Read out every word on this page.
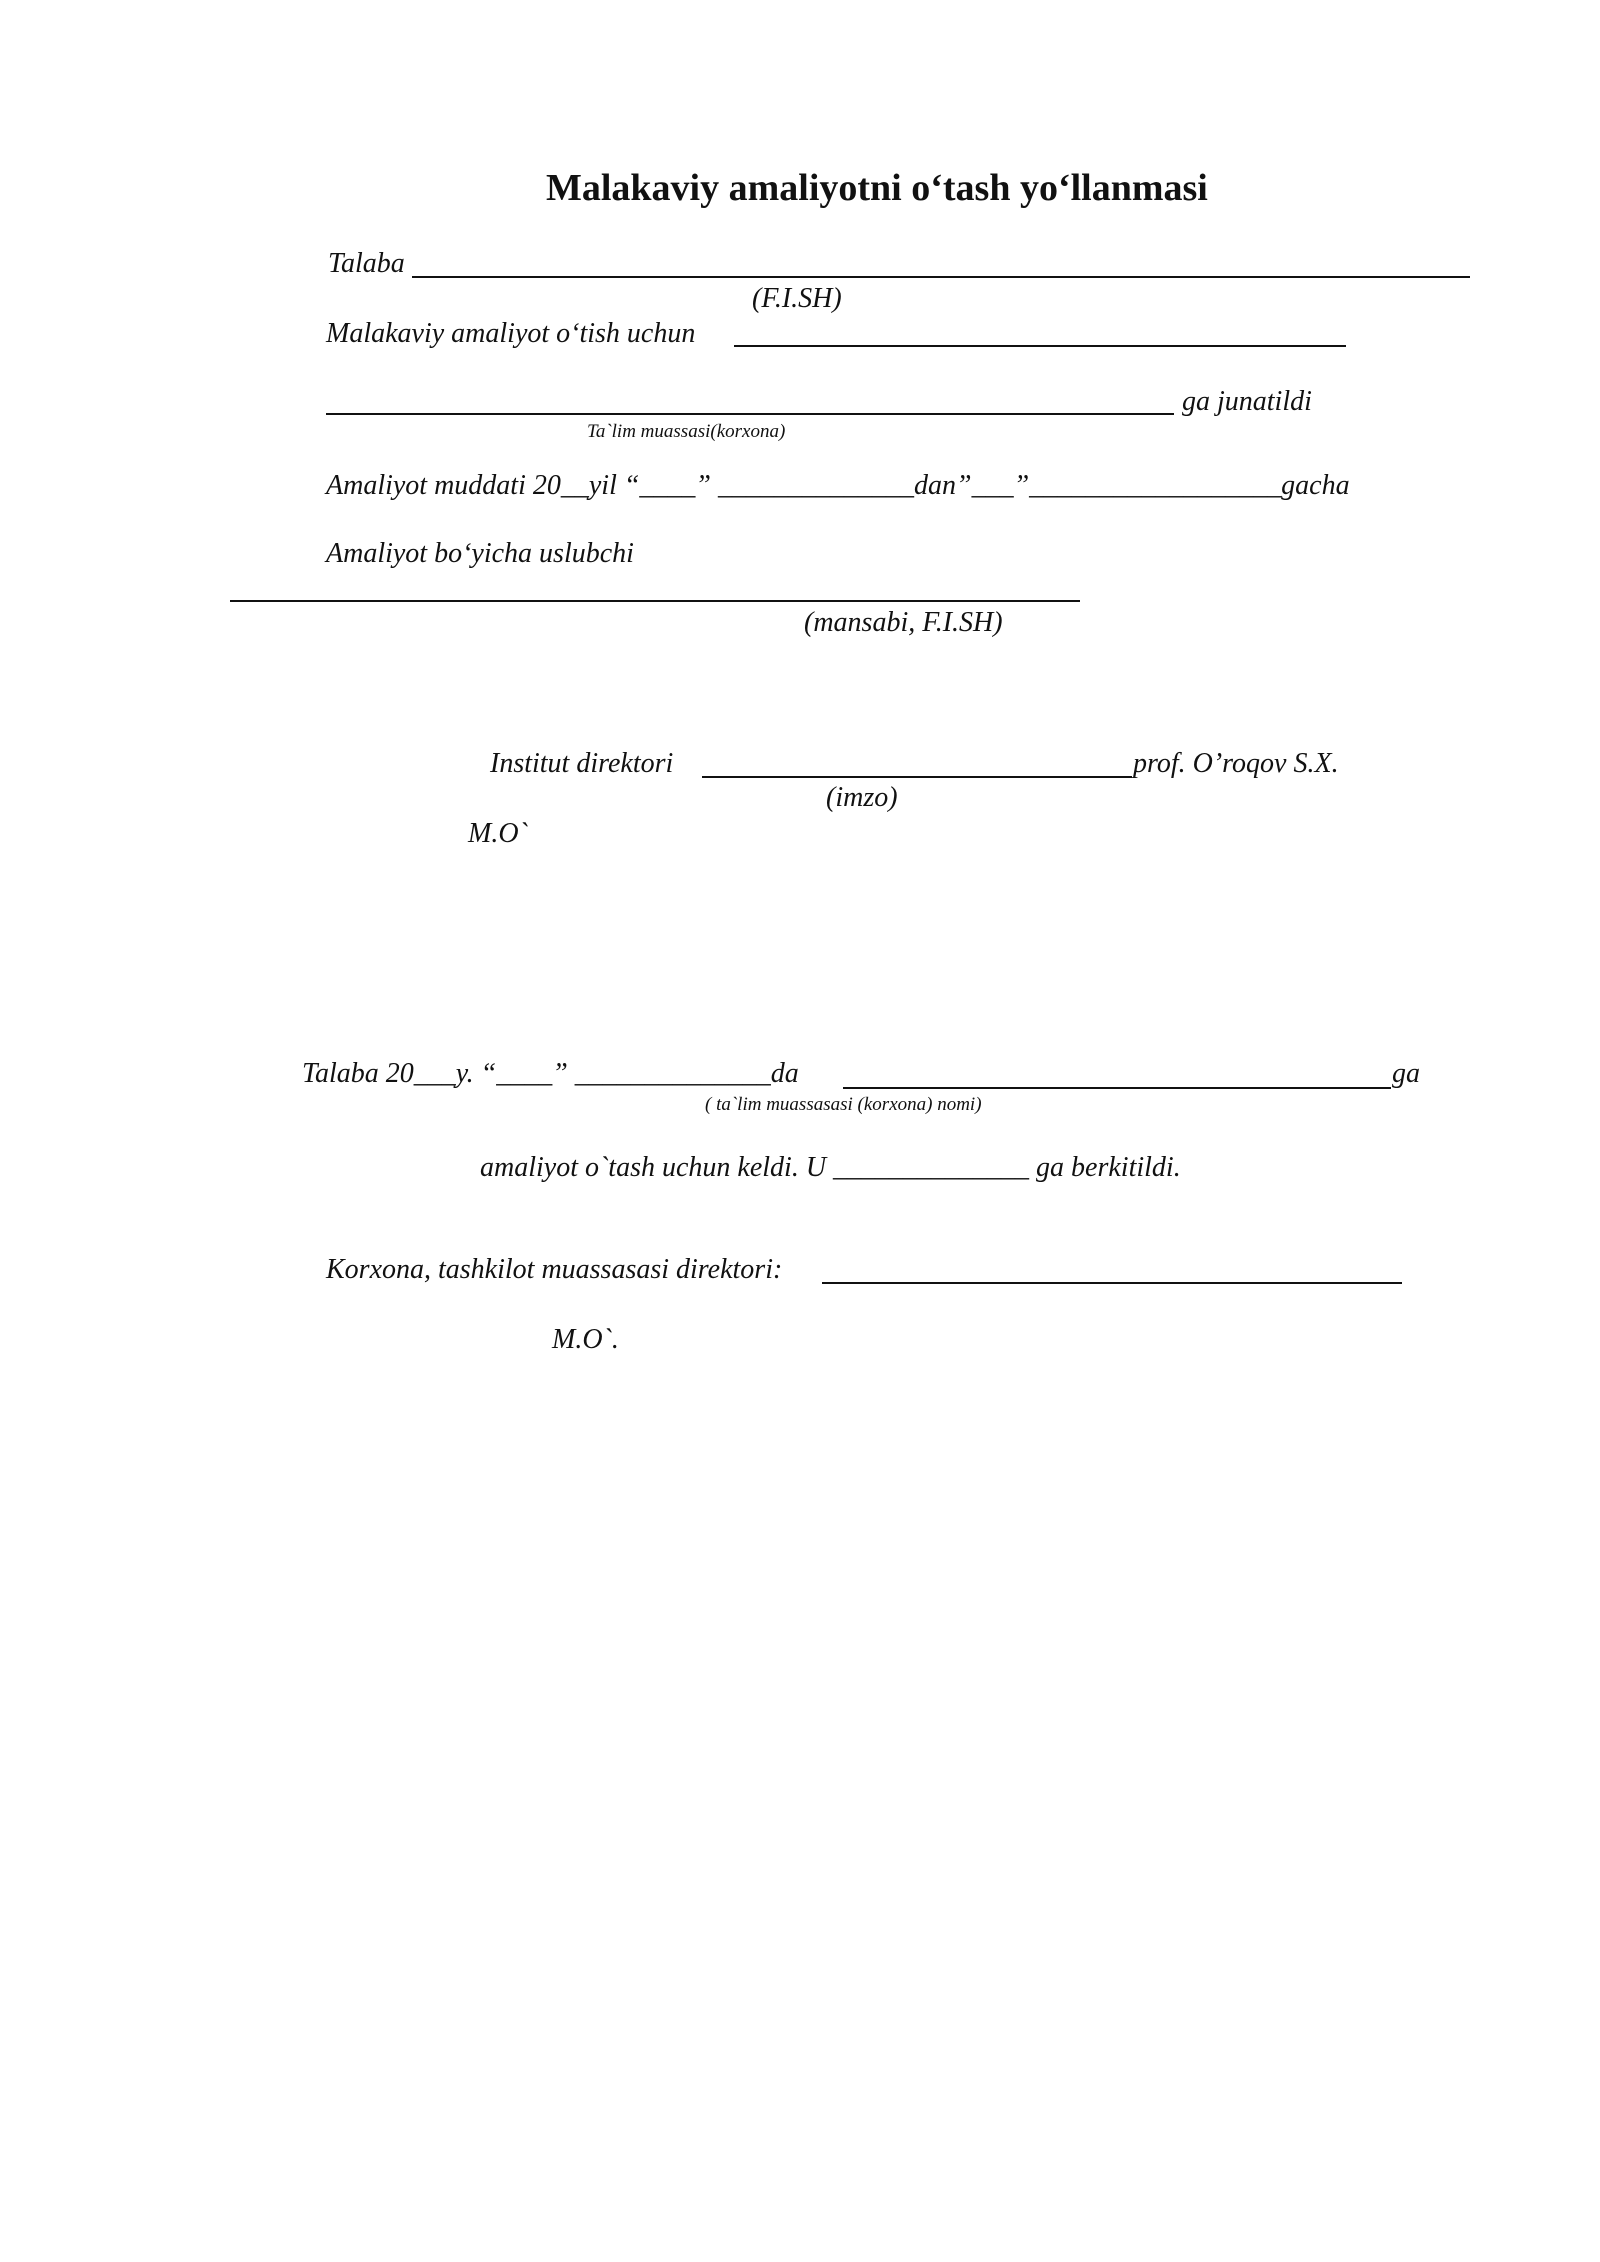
Malakaviy amaliyotni o‘tash yo‘llanmasi
Talaba
(F.I.SH)
Malakaviy amaliyot o‘tish uchun
ga junatildi
Ta`lim muassasi(korxona)
Amaliyot muddati 20__yil “____” ______________dan”___”__________________gacha
Amaliyot bo‘yicha uslubchi
(mansabi, F.I.SH)
Institut direktori	prof. O’roqov S.X.
(imzo)
M.O`
Talaba 20___y. “____” ______________da	ga
( ta`lim muassasasi (korxona) nomi)
amaliyot o`tash uchun keldi. U ______________ ga berkitildi.
Korxona, tashkilot muassasasi direktori:
M.O`.
